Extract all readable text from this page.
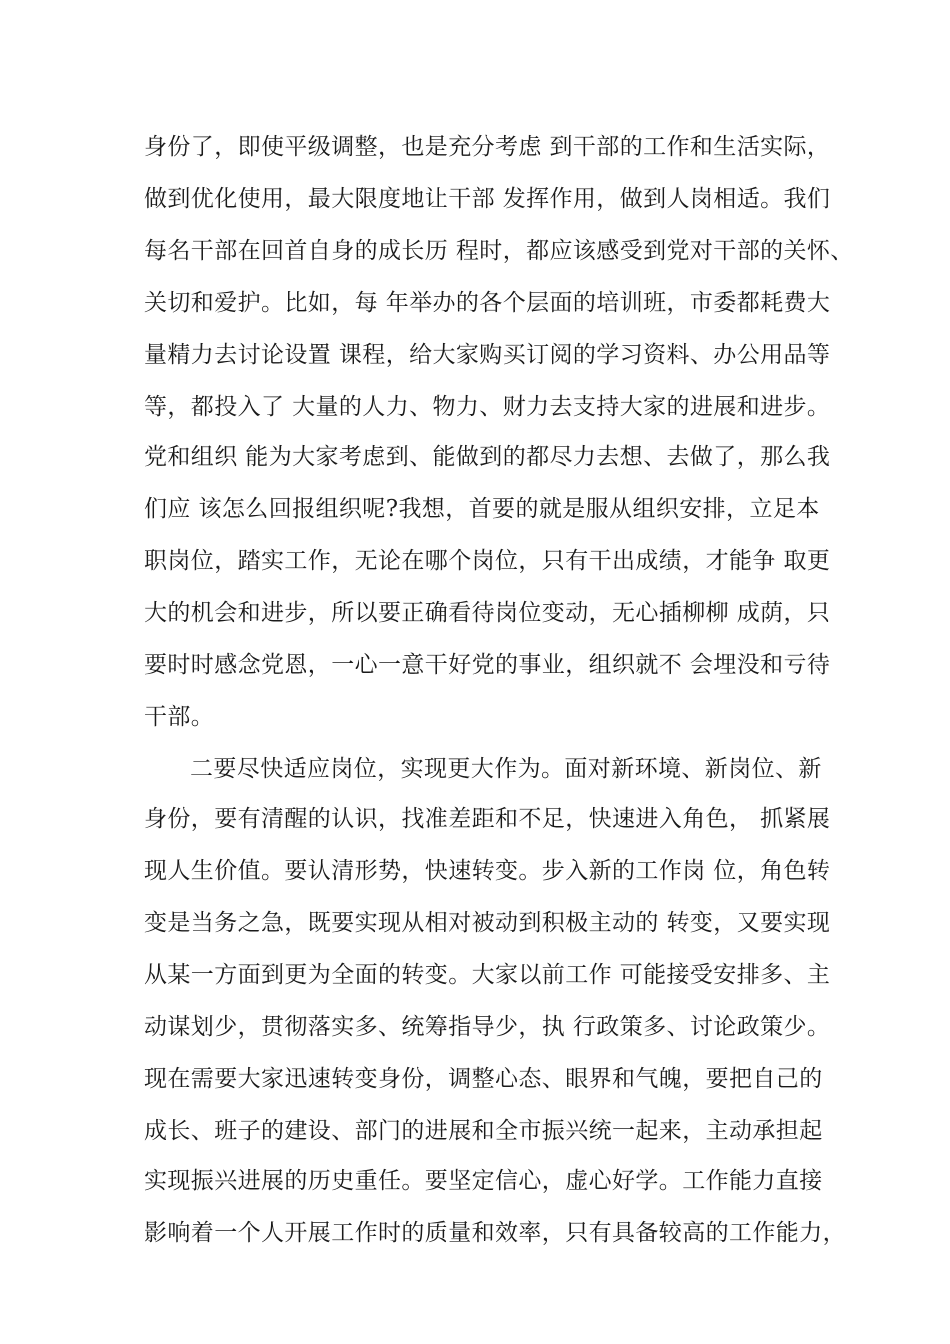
身份了，即使平级调整，也是充分考虑 到干部的工作和生活实际，
做到优化使用，最大限度地让干部 发挥作用，做到人岗相适。我们
每名干部在回首自身的成长历 程时，都应该感受到党对干部的关怀、
关切和爱护。比如，每 年举办的各个层面的培训班，市委都耗费大
量精力去讨论设置 课程，给大家购买订阅的学习资料、办公用品等
等，都投入了 大量的人力、物力、财力去支持大家的进展和进步。
党和组织 能为大家考虑到、能做到的都尽力去想、去做了，那么我
们应 该怎么回报组织呢?我想，首要的就是服从组织安排，立足本
职岗位，踏实工作，无论在哪个岗位，只有干出成绩，才能争 取更
大的机会和进步，所以要正确看待岗位变动，无心插柳柳 成荫，只
要时时感念党恩，一心一意干好党的事业，组织就不 会埋没和亏待
干部。
二要尽快适应岗位，实现更大作为。面对新环境、新岗位、新
身份，要有清醒的认识，找准差距和不足，快速进入角色， 抓紧展
现人生价值。要认清形势，快速转变。步入新的工作岗 位，角色转
变是当务之急，既要实现从相对被动到积极主动的 转变，又要实现
从某一方面到更为全面的转变。大家以前工作 可能接受安排多、主
动谋划少，贯彻落实多、统筹指导少，执 行政策多、讨论政策少。
现在需要大家迅速转变身份，调整心态、眼界和气魄，要把自己的
成长、班子的建设、部门的进展和全市振兴统一起来，主动承担起
实现振兴进展的历史重任。要坚定信心，虚心好学。工作能力直接
影响着一个人开展工作时的质量和效率，只有具备较高的工作能力，
